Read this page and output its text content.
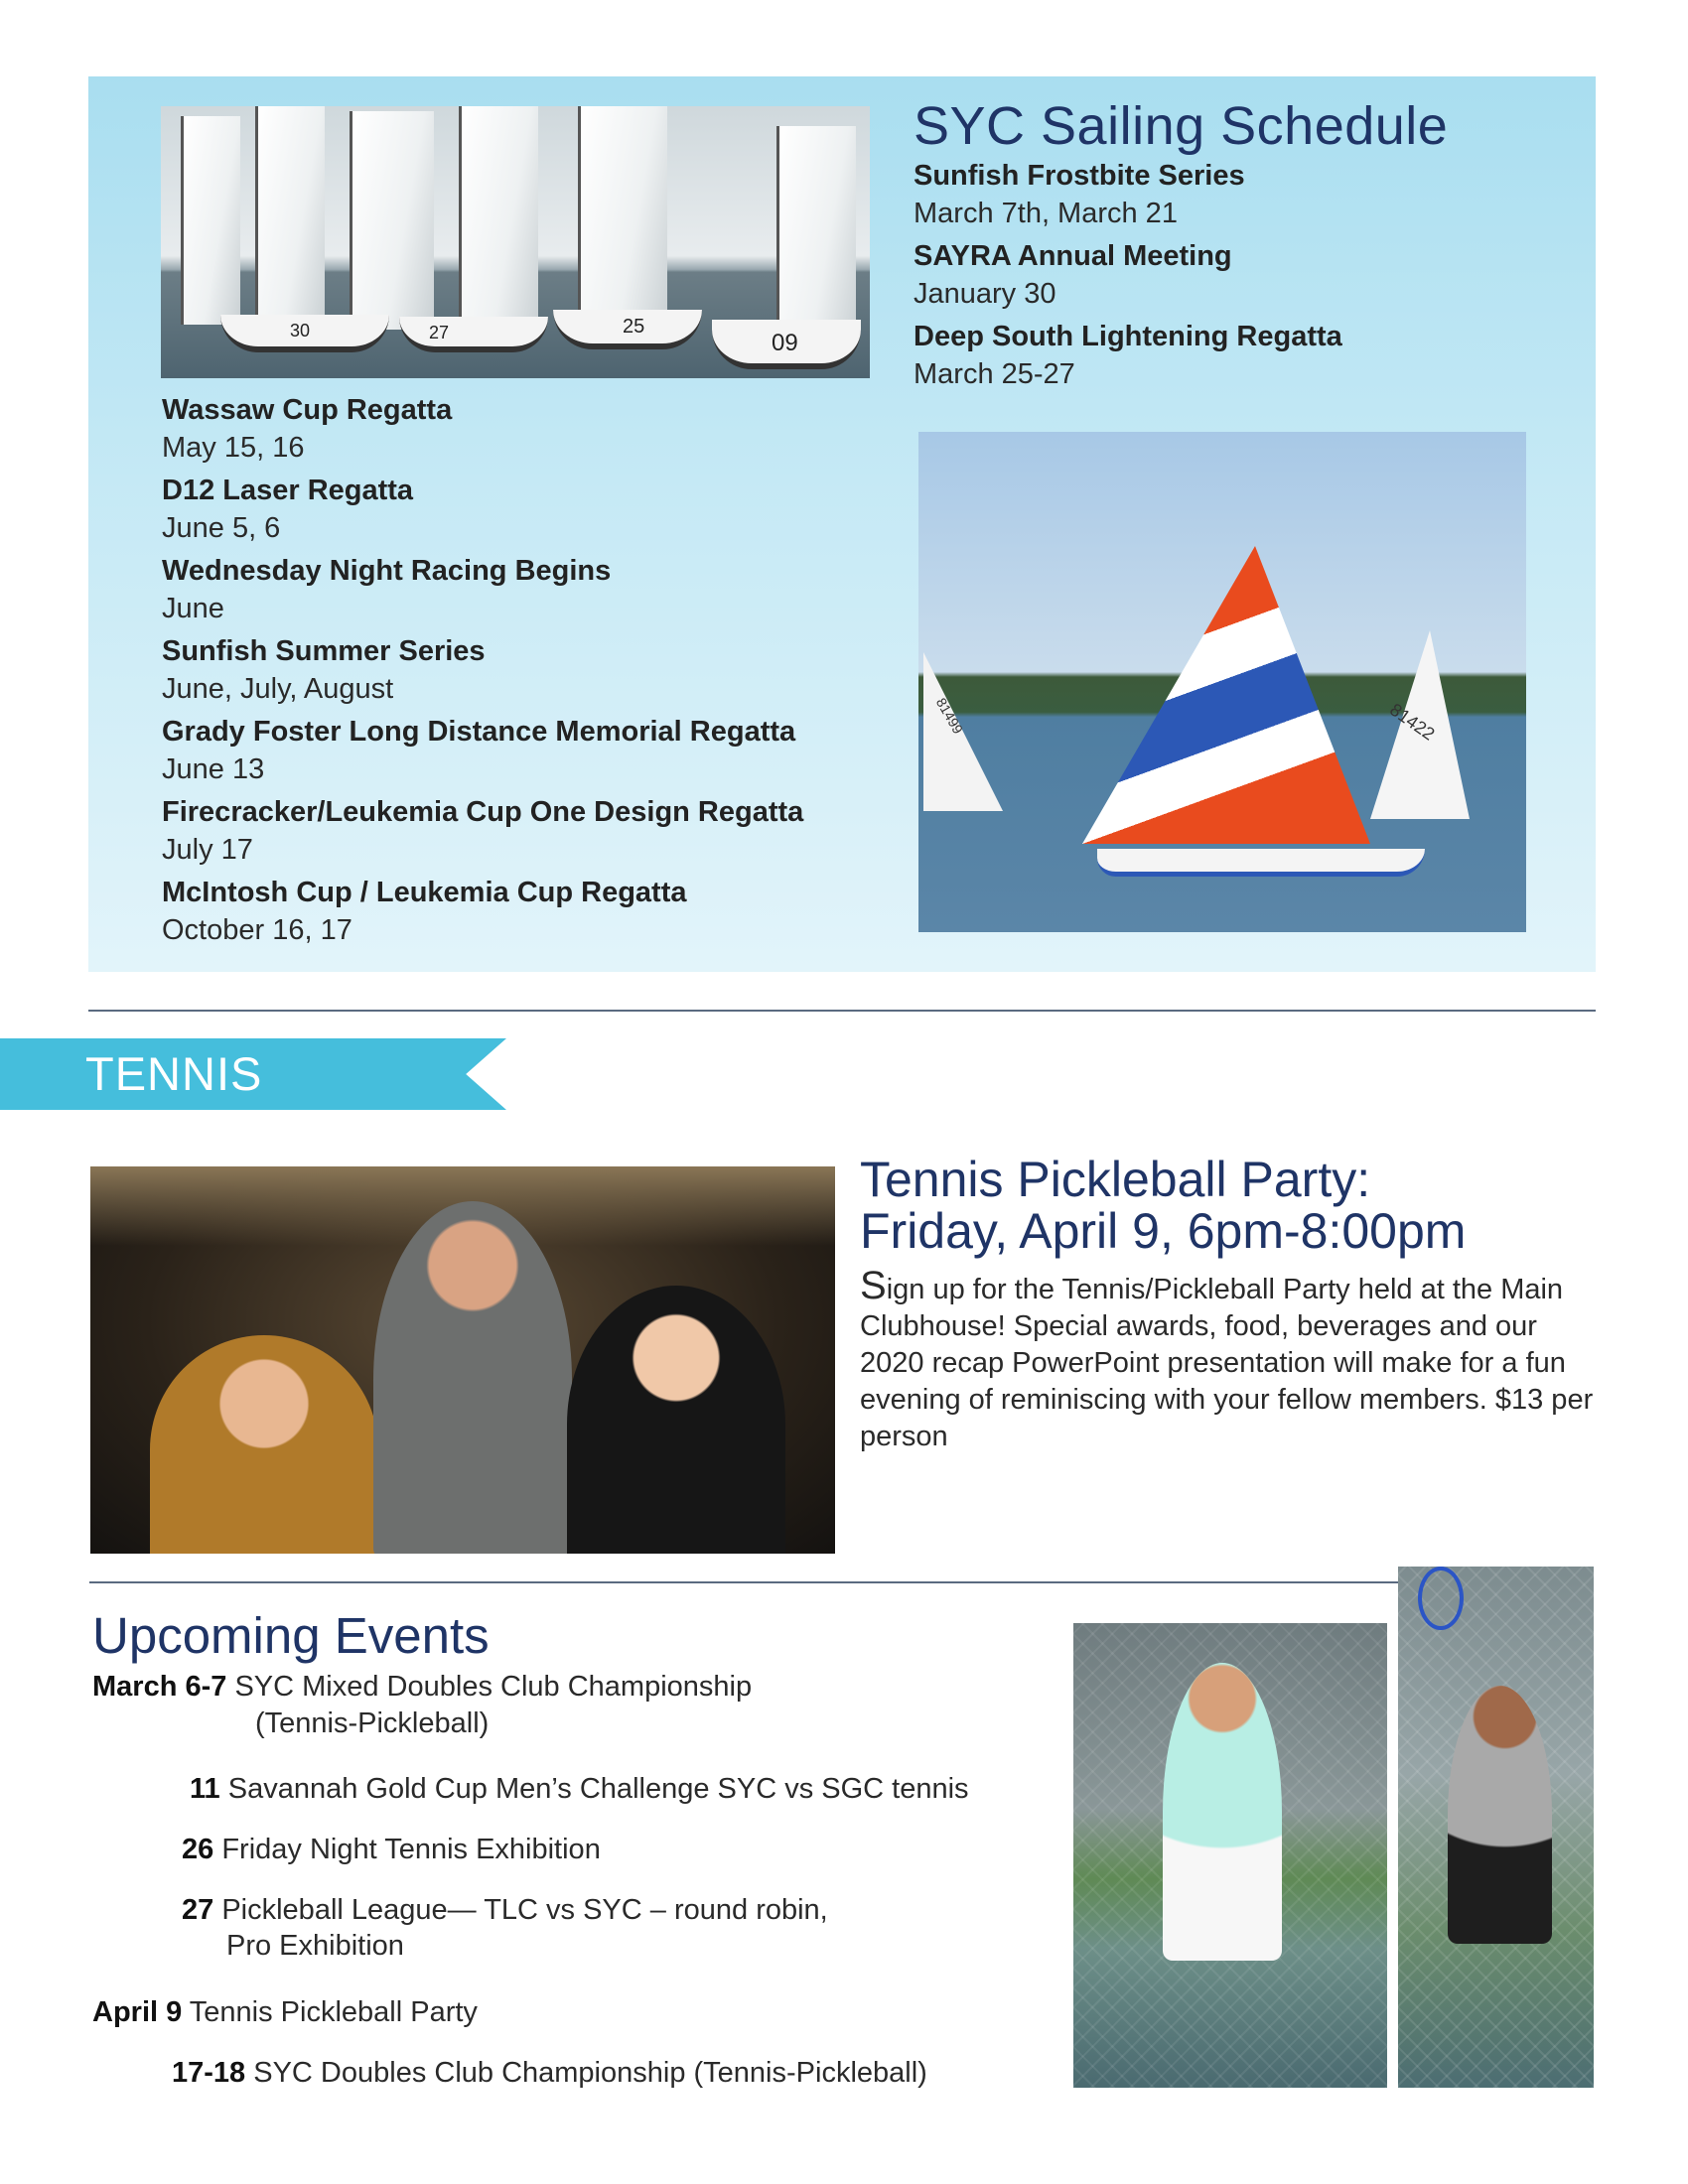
30	27	25
09
SYC Sailing Schedule
Sunfish Frostbite Series
March 7th, March 21
SAYRA Annual Meeting
January 30
Deep South Lightening Regatta
March 25-27
Wassaw Cup Regatta
May 15, 16
D12 Laser Regatta
June 5, 6
Wednesday Night Racing Begins
June
Sunfish Summer Series
June, July, August
Grady Foster Long Distance Memorial Regatta
June 13
Firecracker/Leukemia Cup One Design Regatta
July 17
McIntosh Cup / Leukemia Cup Regatta
October 16, 17
81499	81422
TENNIS
Tennis Pickleball Party:
Friday, April 9, 6pm-8:00pm
Sign up for the Tennis/Pickleball Party held at the Main Clubhouse! Special awards, food, beverages and our 2020 recap PowerPoint presentation will make for a fun evening of reminiscing with your fellow members. $13 per person
Upcoming Events
March 6-7 SYC Mixed Doubles Club Championship
(Tennis-Pickleball)
11 Savannah Gold Cup Men’s Challenge SYC vs SGC tennis
26 Friday Night Tennis Exhibition
27 Pickleball League— TLC vs SYC – round robin,
Pro Exhibition
April 9 Tennis Pickleball Party
17-18 SYC Doubles Club Championship (Tennis-Pickleball)
